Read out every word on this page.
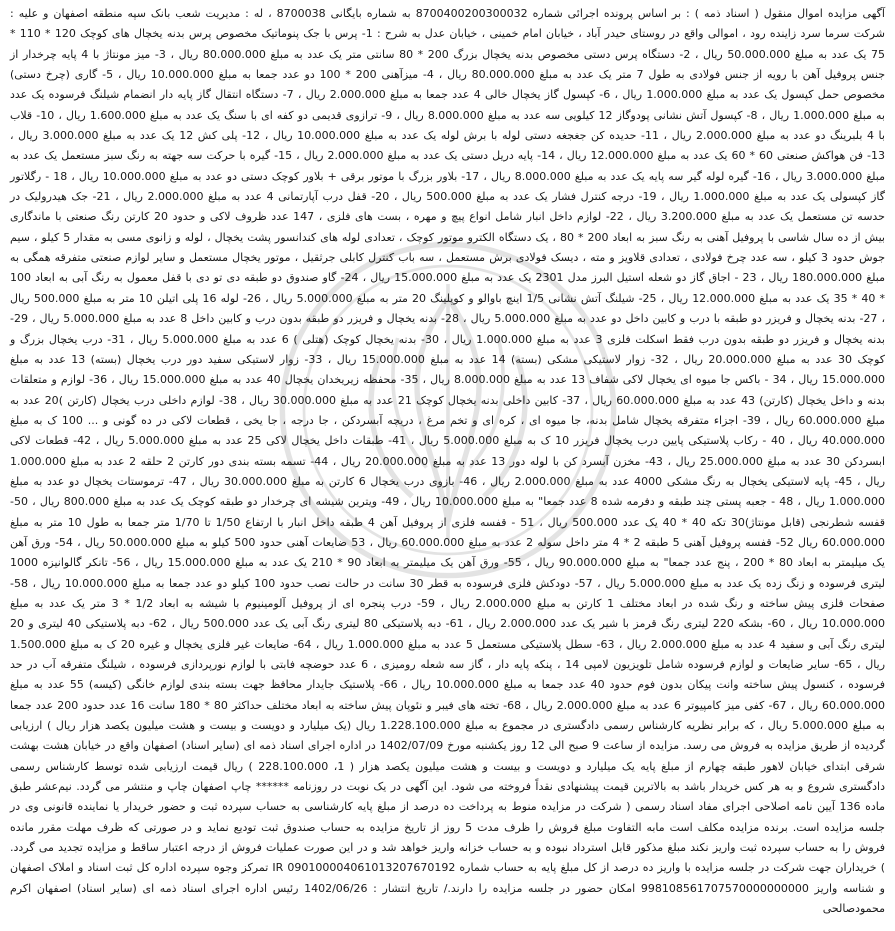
آگهی مزایده اموال منقول ( اسناد ذمه ) : بر اساس پرونده اجرائی شماره 8700400200300032 به شماره بایگانی 8700038 ، له : مدیریت شعب بانک سپه منطقه اصفهان و علیه : شرکت سرما سرد زاینده رود ، اموالی واقع در روستای حیدر آباد ، خیابان امام خمینی ، خیابان عدل به شرح : 1- پرس با جک پنوماتیک مخصوص پرس بدنه یخچال های کوچک 120 * 110 * 75 یک عدد به مبلغ 50.000.000 ریال ، 2- دستگاه پرس دستی مخصوص بدنه یخچال بزرگ 200 * 80 سانتی متر یک عدد به مبلغ 80.000.000 ریال ، 3- میز مونتاژ با 4 پایه چرخدار از جنس پروفیل آهن با رویه از جنس فولادی به طول 7 متر یک عدد به مبلغ 80.000.000 ریال ، 4- میزآهنی 200 * 100 دو عدد جمعا به مبلغ 10.000.000 ریال ، 5- گاری (چرخ دستی) مخصوص حمل کپسول یک عدد به مبلغ 1.000.000 ریال ، 6- کپسول گاز یخچال خالی 4 عدد جمعا به مبلغ 2.000.000 ریال ، 7- دستگاه انتقال گاز پایه دار انضمام شیلنگ فرسوده یک عدد به مبلغ 1.000.000 ریال ، 8- کپسول آتش نشانی پودوگاز 12 کیلویی سه عدد به مبلغ 8.000.000 ریال ، 9- ترازوی قدیمی دو کفه ای با سنگ یک عدد به مبلغ 1.600.000 ریال ، 10- قلاب با 4 بلبرینگ دو عدد به مبلغ 2.000.000 ریال ، 11- حدیده کن جغجغه دستی لوله با برش لوله یک عدد به مبلغ 10.000.000 ریال ، 12- پلی کش 12 یک عدد به مبلغ 3.000.000 ریال ، 13- فن هواکش صنعتی 60 * 60 یک عدد به مبلغ 12.000.000 ریال ، 14- پایه دریل دستی یک عدد به مبلغ 2.000.000 ریال ، 15- گیره با حرکت سه جهته به رنگ سبز مستعمل یک عدد به مبلغ 3.000.000 ریال ، 16- گیره لوله گیر سه پایه یک عدد به مبلغ 8.000.000 ریال ، 17- بلاور بزرگ با موتور برقی + بلاور کوچک دستی دو عدد به مبلغ 10.000.000 ریال ، 18 - رگلاتور گاز کپسولی یک عدد به مبلغ 1.000.000 ریال ، 19- درجه کنترل فشار یک عدد به مبلغ 500.000 ریال ، 20- قفل درب آپارتمانی 4 عدد به مبلغ 2.000.000 ریال ، 21- جک هیدرولیک در حدسه تن مستعمل یک عدد به مبلغ 3.200.000 ریال ، 22- لوازم داخل انبار شامل انواع پیچ و مهره ، بست های فلزی ، 147 عدد ظروف لاکی و حدود 20 کارتن رنگ صنعتی با ماندگاری بیش از ده سال شاسی با پروفیل آهنی به رنگ سبز به ابعاد 200 * 80 ، یک دستگاه الکترو موتور کوچک ، تعدادی لوله های کندانسور پشت یخچال ، لوله و زانوی مسی به مقدار 5 کیلو ، سیم جوش حدود 3 کیلو ، سه عدد چرخ فولادی ، تعدادی قلاویز و مته ، دیسک فولادی برش مستعمل ، سه باب کنترل کابلی جرثقیل ، موتور یخچال مستعمل و سایر لوازم صنعتی متفرقه همگی به مبلغ 180.000.000 ریال ، 23 - اجاق گاز دو شعله استیل البرز مدل 2301 یک عدد به مبلغ 15.000.000 ریال ، 24- گاو صندوق دو طبقه دی تو دی با قفل معمول به رنگ آبی به ابعاد 100 * 40 * 35 یک عدد به مبلغ 12.000.000 ریال ، 25- شیلنگ آتش نشانی 1/5 اینچ باوالو و کوپلینگ 20 متر به مبلغ 5.000.000 ریال ، 26- لوله 16 پلی اتیلن 10 متر به مبلغ 500.000 ریال ، 27- بدنه یخچال و فریزر دو طبقه با درب و کابین داخل دو عدد به مبلغ 5.000.000 ریال ، 28- بدنه یخچال و فریزر دو طبقه بدون درب و کابین داخل 8 عدد به مبلغ 5.000.000 ریال ، 29- بدنه یخچال و فریزر دو طبقه بدون درب فقط اسکلت فلزی 3 عدد به مبلغ 1.000.000 ریال ، 30- بدنه یخچال کوچک (هتلی ) 6 عدد به مبلغ 5.000.000 ریال ، 31- درب یخچال بزرگ و کوچک 30 عدد به مبلغ 20.000.000 ریال ، 32- زوار لاستیکی مشکی (بسته) 14 عدد به مبلغ 15.000.000 ریال ، 33- زوار لاستیکی سفید دور درب یخچال (بسته) 13 عدد به مبلغ 15.000.000 ریال ، 34 - باکس جا میوه ای یخچال لاکی شفاف 13 عدد به مبلغ 8.000.000 ریال ، 35- محفظه زیریخدان یخچال 40 عدد به مبلغ 15.000.000 ریال ، 36- لوازم و متعلقات بدنه و داخل یخچال (کارتن) 43 عدد به مبلغ 60.000.000 ریال ، 37- کابین داخلی بدنه یخچال کوچک 21 عدد به مبلغ 30.000.000 ریال ، 38- لوازم داخلی درب یخچال (کارتن )20 عدد به مبلغ 60.000.000 ریال ، 39- اجزاء متفرقه یخچال شامل بدنه، جا میوه ای ، کره ای و تخم مرغ ، دریچه آبسردکن ، جا درجه ، جا یخی ، قطعات لاکی در ده گونی و ... 100 ک به مبلغ 40.000.000 ریال ، 40 - رکاب پلاستیکی پایین درب یخچال فریزر 10 ک به مبلغ 5.000.000 ریال ، 41- طبقات داخل یخچال لاکی 25 عدد به مبلغ 5.000.000 ریال ، 42- قطعات لاکی ابسردکن 30 عدد به مبلغ 25.000.000 ریال ، 43- مخزن آبسرد کن با لوله دور 13 عدد به مبلغ 20.000.000 ریال ، 44- تسمه بسته بندی دور کارتن 2 حلقه 2 عدد به مبلغ 1.000.000 ریال ، 45- پایه لاستیکی یخچال به رنگ مشکی 4000 عدد به مبلغ 2.000.000 ریال ، 46- بازوی درب یخچال 6 کارتن به مبلغ 30.000.000 ریال ، 47- ترموستات یخچال دو عدد به مبلغ 1.000.000 ریال ، 48 - جعبه پستی چند طبقه و دفرمه شده 8 عدد جمعا" به مبلغ 10.000.000 ریال ، 49- ویترین شیشه ای چرخدار دو طبقه کوچک یک عدد به مبلغ 800.000 ریال ، 50- قفسه شطرنجی (قابل مونتاژ)30 تکه 40 * 40 یک عدد 500.000 ریال ، 51 - قفسه فلزی از پروفیل آهن 4 طبقه داخل انبار با ارتفاع 1/50 تا 1/70 متر جمعا به طول 10 متر به مبلغ 60.000.000 ریال 52- قفسه پروفیل آهنی 5 طبقه 2 * 4 متر داخل سوله 2 عدد به مبلغ 60.000.000 ریال ، 53 ضایعات آهنی حدود 500 کیلو به مبلغ 50.000.000 ریال ، 54- ورق آهن یک میلیمتر به ابعاد 80 * 200 ، پنج عدد جمعا" به مبلغ 90.000.000 ریال ، 55- ورق آهن یک میلیمتر به ابعاد 90 * 210 یک عدد به مبلغ 15.000.000 ریال ، 56- تانکر گالوانیزه 1000 لیتری فرسوده و زنگ زده یک عدد به مبلغ 5.000.000 ریال ، 57- دودکش فلزی فرسوده به قطر 30 سانت در حالت نصب حدود 100 کیلو دو عدد جمعا به مبلغ 10.000.000 ریال ، 58- صفحات فلزی پیش ساخته و رنگ شده در ابعاد مختلف 1 کارتن به مبلغ 2.000.000 ریال ، 59- درب پنجره ای از پروفیل آلومینیوم با شیشه به ابعاد 1/2 * 3 متر یک عدد به مبلغ 10.000.000 ریال ، 60- بشکه 220 لیتری رنگ قرمز با شیر یک عدد 2.000.000 ریال ، 61- دبه پلاستیکی 80 لیتری رنگ آبی یک عدد 500.000 ریال ، 62- دبه پلاستیکی 40 لیتری و 20 لیتری رنگ آبی و سفید 4 عدد به مبلغ 2.000.000 ریال ، 63- سطل پلاستیکی مستعمل 5 عدد به مبلغ 1.000.000 ریال ، 64- ضایعات غیر فلزی یخچال و غیره 20 ک به مبلغ 1.500.000 ریال ، 65- سایر ضایعات و لوازم فرسوده شامل تلویزیون لامپی 14 ، پنکه پایه دار ، گاز سه شعله رومیزی ، 6 عدد حوضچه فابتی با لوازم نورپردازی فرسوده ، شیلنگ متفرقه آب در حد فرسوده ، کنسول پیش ساخته وانت پیکان بدون فوم حدود 40 عدد جمعا به مبلغ 10.000.000 ریال ، 66- پلاستیک جایدار محافظ جهت بسته بندی لوازم خانگی (کیسه) 55 عدد به مبلغ 60.000.000 ریال ، 67- کفی میز کامپیوتر 6 عدد به مبلغ 2.000.000 ریال ، 68- تخته های فیبر و نئوپان پیش ساخته به ابعاد مختلف حداکثر 80 * 180 سانت 16 عدد حدود 200 عدد جمعا به مبلغ 5.000.000 ریال ، که برابر نظریه کارشناس رسمی دادگستری در مجموع به مبلغ 1.228.100.000 ریال (یک میلیارد و دویست و بیست و هشت میلیون یکصد هزار ریال ) ارزیابی گردیده از طریق مزایده به فروش می رسد. مزایده از ساعت 9 صبح الی 12 روز یکشنبه مورخ 1402/07/09 در اداره اجرای اسناد ذمه ای (سایر اسناد) اصفهان واقع در خیابان هشت بهشت شرقی ابتدای خیابان لاهور طبقه چهارم از مبلغ پایه یک میلیارد و دویست و بیست و هشت میلیون یکصد هزار ( 1، 228.100.000 ) ریال قیمت ارزیابی شده توسط کارشناس رسمی دادگستری شروع و به هر کس خریدار باشد به بالاترین قیمت پیشنهادی نقداً فروخته می شود. این آگهی در یک نوبت در روزنامه ****** چاپ اصفهان چاپ و منتشر می گردد. نیم‌عشر طبق ماده 136 آیین نامه اصلاحی اجرای مفاد اسناد رسمی ( شرکت در مزایده منوط به پرداخت ده درصد از مبلغ پایه کارشناسی به حساب سپرده ثبت و حضور خریدار یا نماینده قانونی وی در جلسه مزایده است. برنده مزایده مکلف است مابه التفاوت مبلغ فروش را ظرف مدت 5 روز از تاریخ مزایده به حساب صندوق ثبت تودیع نماید و در صورتی که ظرف مهلت مقرر مانده فروش را به حساب سپرده ثبت واریز نکند مبلغ مذکور قابل استرداد نبوده و به حساب خزانه واریز خواهد شد و در این صورت عملیات فروش از درجه اعتبار ساقط و مزایده تجدید می گردد. ) خریداران جهت شرکت در جلسه مزایده با واریز ده درصد از کل مبلغ پایه به حساب شماره IR 090100004061013207670192 تمرکز وجوه سپرده اداره کل ثبت اسناد و املاک اصفهان و شناسه واریز 998108561707570000000000 امکان حضور در جلسه مزایده را دارند./ تاریخ انتشار : 1402/06/26 رئیس اداره اجرای اسناد ذمه ای (سایر اسناد) اصفهان اکرم محمودصالحی
